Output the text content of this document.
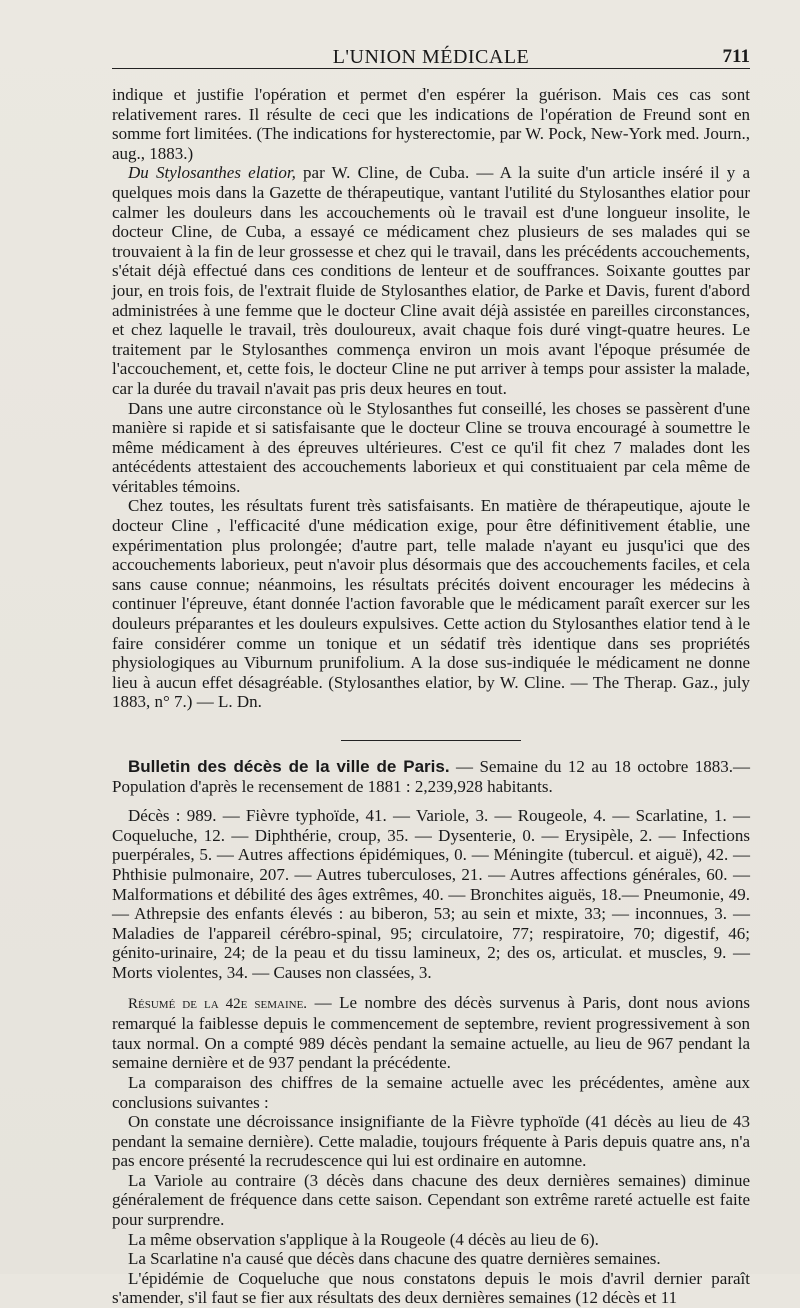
L'UNION MÉDICALE	711

indique et justifie l'opération et permet d'en espérer la guérison. Mais ces cas sont relativement rares. Il résulte de ceci que les indications de l'opération de Freund sont en somme fort limitées. (The indications for hysterectomie, par W. Pock, New-York med. Journ., aug., 1883.)

Du Stylosanthes elatior, par W. Cline, de Cuba. — A la suite d'un article inséré il y a quelques mois dans la Gazette de thérapeutique, vantant l'utilité du Stylosanthes elatior pour calmer les douleurs dans les accouchements où le travail est d'une longueur insolite, le docteur Cline, de Cuba, a essayé ce médicament chez plusieurs de ses malades qui se trouvaient à la fin de leur grossesse et chez qui le travail, dans les précédents accouchements, s'était déjà effectué dans ces conditions de lenteur et de souffrances. Soixante gouttes par jour, en trois fois, de l'extrait fluide de Stylosanthes elatior, de Parke et Davis, furent d'abord administrées à une femme que le docteur Cline avait déjà assistée en pareilles circonstances, et chez laquelle le travail, très douloureux, avait chaque fois duré vingt-quatre heures. Le traitement par le Stylosanthes commença environ un mois avant l'époque présumée de l'accouchement, et, cette fois, le docteur Cline ne put arriver à temps pour assister la malade, car la durée du travail n'avait pas pris deux heures en tout.

Dans une autre circonstance où le Stylosanthes fut conseillé, les choses se passèrent d'une manière si rapide et si satisfaisante que le docteur Cline se trouva encouragé à soumettre le même médicament à des épreuves ultérieures. C'est ce qu'il fit chez 7 malades dont les antécédents attestaient des accouchements laborieux et qui constituaient par cela même de véritables témoins.

Chez toutes, les résultats furent très satisfaisants. En matière de thérapeutique, ajoute le docteur Cline , l'efficacité d'une médication exige, pour être définitivement établie, une expérimentation plus prolongée; d'autre part, telle malade n'ayant eu jusqu'ici que des accouchements laborieux, peut n'avoir plus désormais que des accouchements faciles, et cela sans cause connue; néanmoins, les résultats précités doivent encourager les médecins à continuer l'épreuve, étant donnée l'action favorable que le médicament paraît exercer sur les douleurs préparantes et les douleurs expulsives. Cette action du Stylosanthes elatior tend à le faire considérer comme un tonique et un sédatif très identique dans ses propriétés physiologiques au Viburnum prunifolium. A la dose sus-indiquée le médicament ne donne lieu à aucun effet désagréable. (Stylosanthes elatior, by W. Cline. — The Therap. Gaz., july 1883, n° 7.) — L. Dn.

Bulletin des décès de la ville de Paris. — Semaine du 12 au 18 octobre 1883.— Population d'après le recensement de 1881 : 2,239,928 habitants.

Décès : 989. — Fièvre typhoïde, 41. — Variole, 3. — Rougeole, 4. — Scarlatine, 1. — Coqueluche, 12. — Diphthérie, croup, 35. — Dysenterie, 0. — Erysipèle, 2. — Infections puerpérales, 5. — Autres affections épidémiques, 0. — Méningite (tubercul. et aiguë), 42. — Phthisie pulmonaire, 207. — Autres tuberculoses, 21. — Autres affections générales, 60. — Malformations et débilité des âges extrêmes, 40. — Bronchites aiguës, 18.— Pneumonie, 49. — Athrepsie des enfants élevés : au biberon, 53; au sein et mixte, 33; — inconnues, 3. — Maladies de l'appareil cérébro-spinal, 95; circulatoire, 77; respiratoire, 70; digestif, 46; génito-urinaire, 24; de la peau et du tissu lamineux, 2; des os, articulat. et muscles, 9. — Morts violentes, 34. — Causes non classées, 3.

Résumé de la 42e semaine. — Le nombre des décès survenus à Paris, dont nous avions remarqué la faiblesse depuis le commencement de septembre, revient progressivement à son taux normal. On a compté 989 décès pendant la semaine actuelle, au lieu de 967 pendant la semaine dernière et de 937 pendant la précédente.

La comparaison des chiffres de la semaine actuelle avec les précédentes, amène aux conclusions suivantes :

On constate une décroissance insignifiante de la Fièvre typhoïde (41 décès au lieu de 43 pendant la semaine dernière). Cette maladie, toujours fréquente à Paris depuis quatre ans, n'a pas encore présenté la recrudescence qui lui est ordinaire en automne.

La Variole au contraire (3 décès dans chacune des deux dernières semaines) diminue généralement de fréquence dans cette saison. Cependant son extrême rareté actuelle est faite pour surprendre.

La même observation s'applique à la Rougeole (4 décès au lieu de 6).

La Scarlatine n'a causé que décès dans chacune des quatre dernières semaines.

L'épidémie de Coqueluche que nous constatons depuis le mois d'avril dernier paraît s'amender, s'il faut se fier aux résultats des deux dernières semaines (12 décès et 11
